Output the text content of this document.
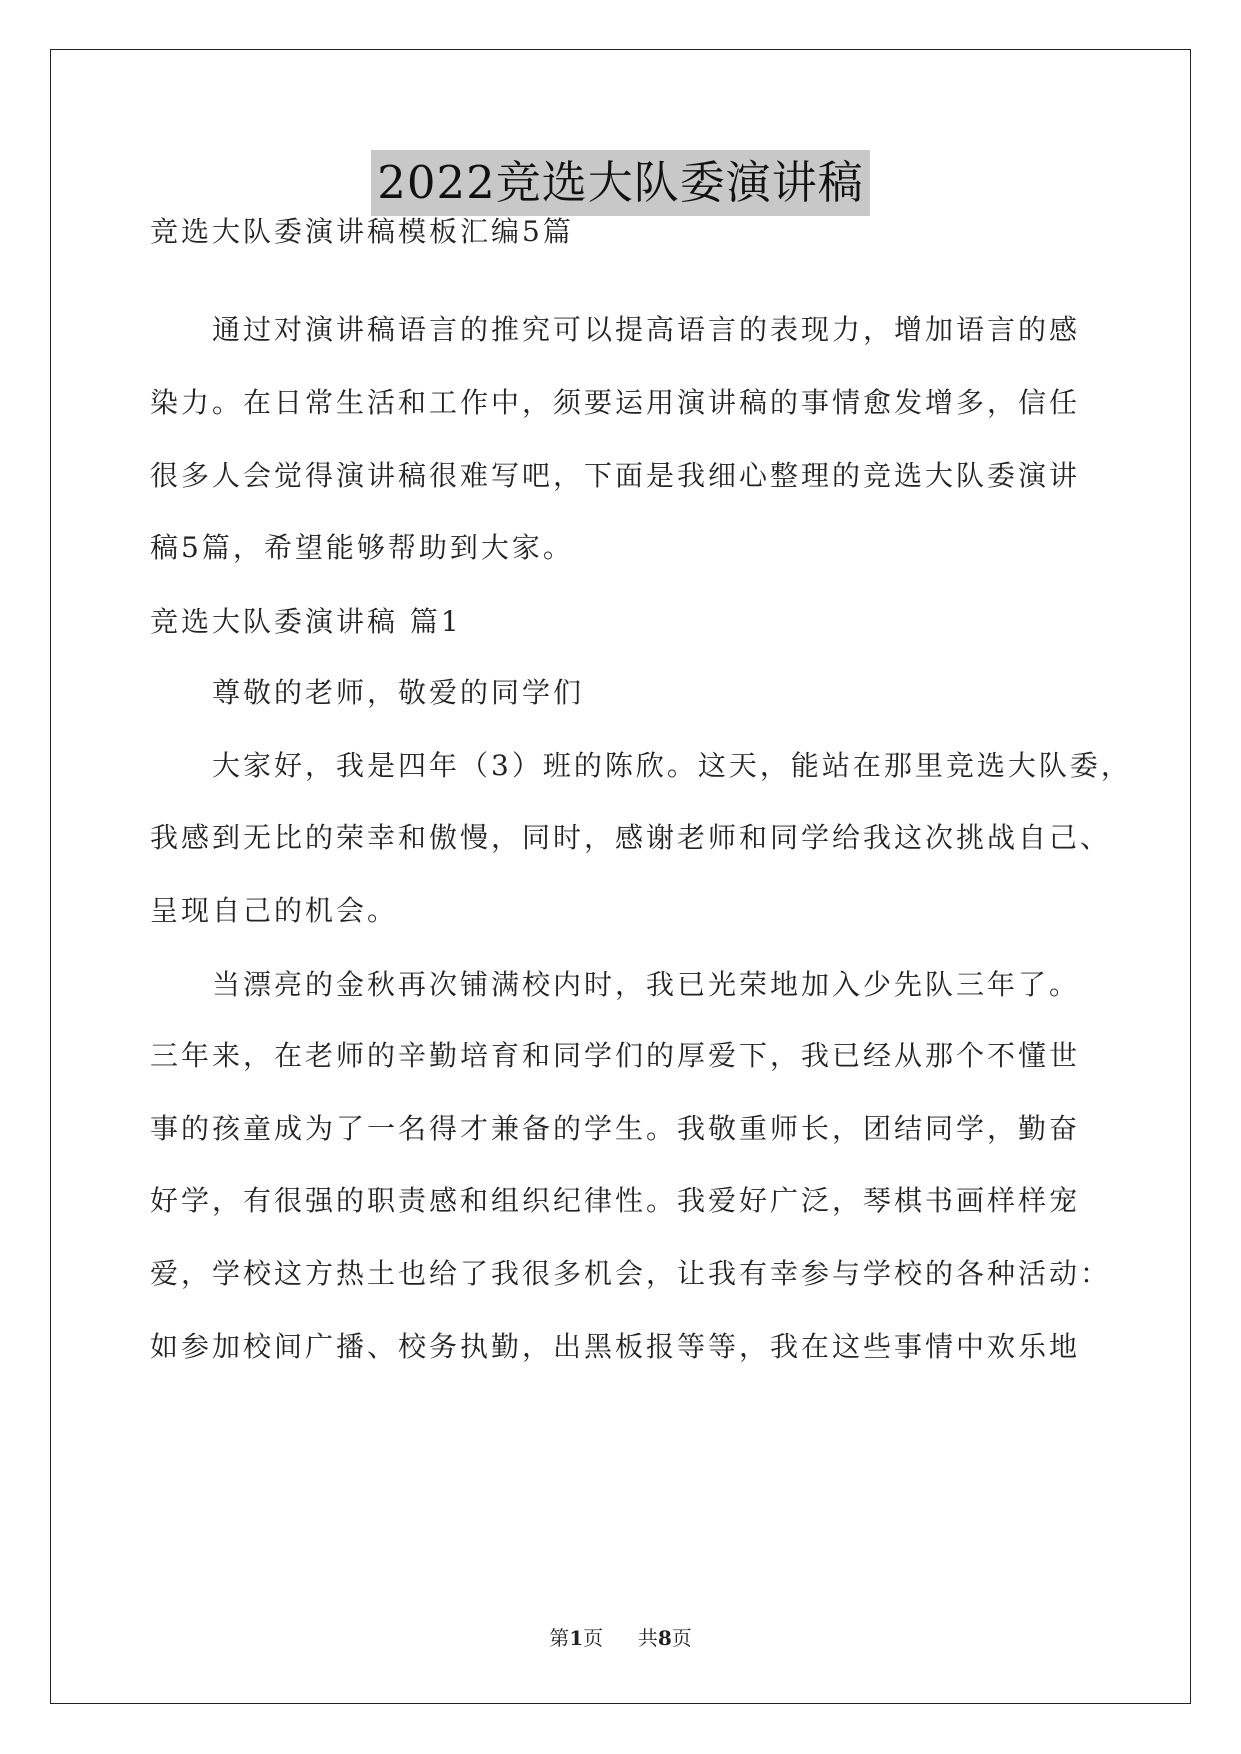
2022竞选大队委演讲稿
竞选大队委演讲稿模板汇编5篇
通过对演讲稿语言的推究可以提高语言的表现力，增加语言的感
染力。在日常生活和工作中，须要运用演讲稿的事情愈发增多，信任
很多人会觉得演讲稿很难写吧，下面是我细心整理的竞选大队委演讲
稿5篇，希望能够帮助到大家。
竞选大队委演讲稿 篇1
尊敬的老师，敬爱的同学们
大家好，我是四年（3）班的陈欣。这天，能站在那里竞选大队委，
我感到无比的荣幸和傲慢，同时，感谢老师和同学给我这次挑战自己、
呈现自己的机会。
当漂亮的金秋再次铺满校内时，我已光荣地加入少先队三年了。
三年来，在老师的辛勤培育和同学们的厚爱下，我已经从那个不懂世
事的孩童成为了一名得才兼备的学生。我敬重师长，团结同学，勤奋
好学，有很强的职责感和组织纪律性。我爱好广泛，琴棋书画样样宠
爱，学校这方热土也给了我很多机会，让我有幸参与学校的各种活动：
如参加校间广播、校务执勤，出黑板报等等，我在这些事情中欢乐地
第1页 共8页
